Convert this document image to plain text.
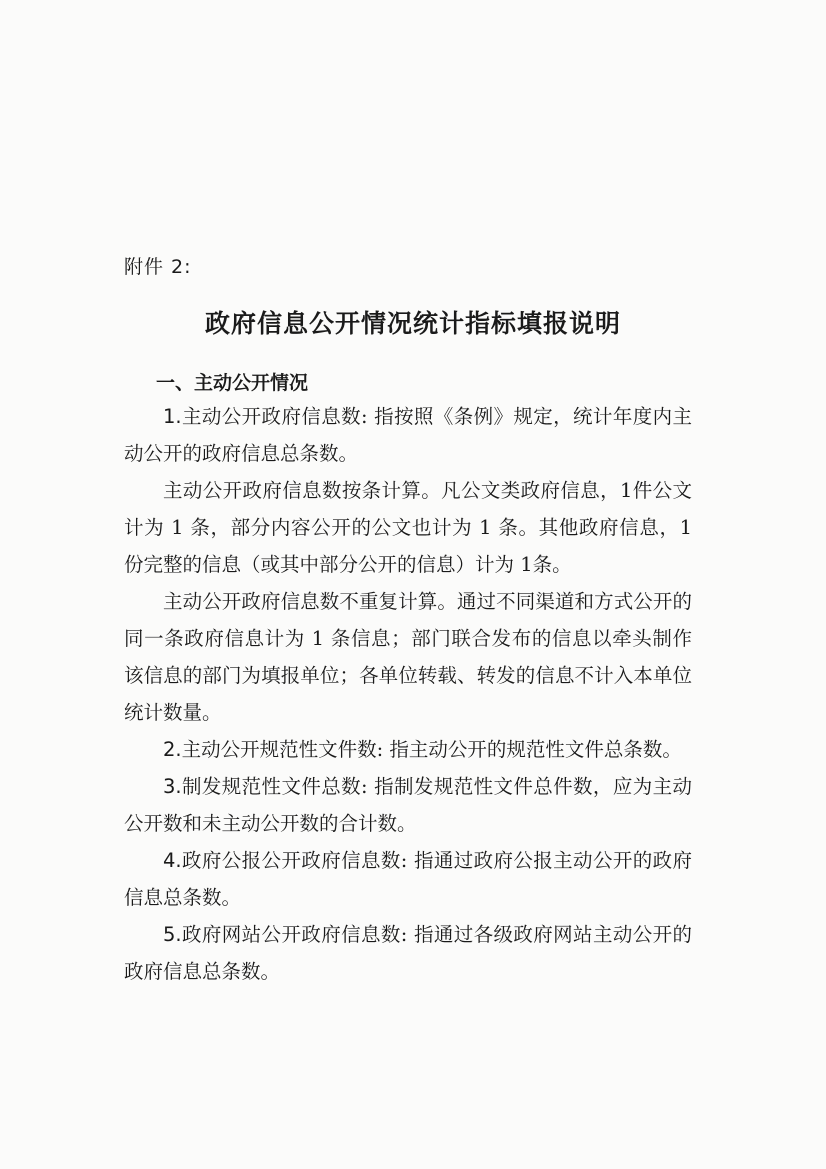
附件 2:
政府信息公开情况统计指标填报说明
一、主动公开情况

1.主动公开政府信息数: 指按照《条例》规定，统计年度内主动公开的政府信息总条数。

主动公开政府信息数按条计算。凡公文类政府信息，1件公文计为 1 条，部分内容公开的公文也计为 1 条。其他政府信息，1 份完整的信息（或其中部分公开的信息）计为 1条。

主动公开政府信息数不重复计算。通过不同渠道和方式公开的同一条政府信息计为 1 条信息；部门联合发布的信息以牵头制作该信息的部门为填报单位；各单位转载、转发的信息不计入本单位统计数量。

2.主动公开规范性文件数: 指主动公开的规范性文件总条数。

3.制发规范性文件总数: 指制发规范性文件总件数，应为主动公开数和未主动公开数的合计数。

4.政府公报公开政府信息数: 指通过政府公报主动公开的政府信息总条数。

5.政府网站公开政府信息数: 指通过各级政府网站主动公开的政府信息总条数。
